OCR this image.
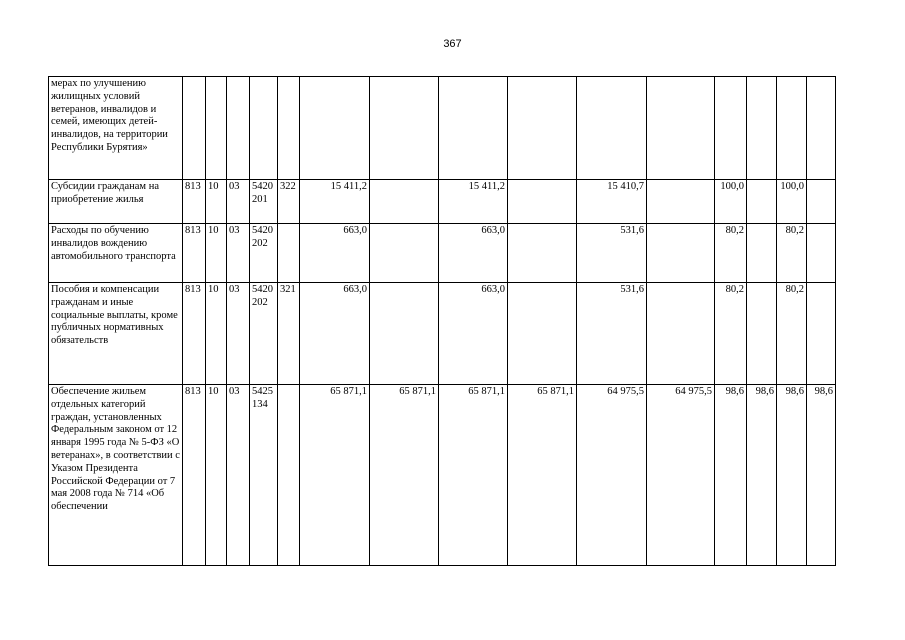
367
мерах по улучшению жилищных условий ветеранов, инвалидов и семей, имеющих детей-инвалидов, на территории Республики Бурятия»															
Субсидии гражданам на приобретение жилья	813	10	03	5420 201	322	15 411,2		15 411,2		15 410,7		100,0		100,0	
Расходы по обучению инвалидов вождению автомобильного транспорта	813	10	03	5420 202		663,0		663,0		531,6		80,2		80,2	
Пособия и компенсации гражданам и иные социальные выплаты, кроме публичных нормативных обязательств	813	10	03	5420 202	321	663,0		663,0		531,6		80,2		80,2	
Обеспечение жильем отдельных категорий граждан, установленных Федеральным законом от 12 января 1995 года № 5-ФЗ «О ветеранах», в соответствии с Указом Президента Российской Федерации от 7 мая 2008 года № 714 «Об обеспечении	813	10	03	5425 134		65 871,1	65 871,1	65 871,1	65 871,1	64 975,5	64 975,5	98,6	98,6	98,6	98,6
